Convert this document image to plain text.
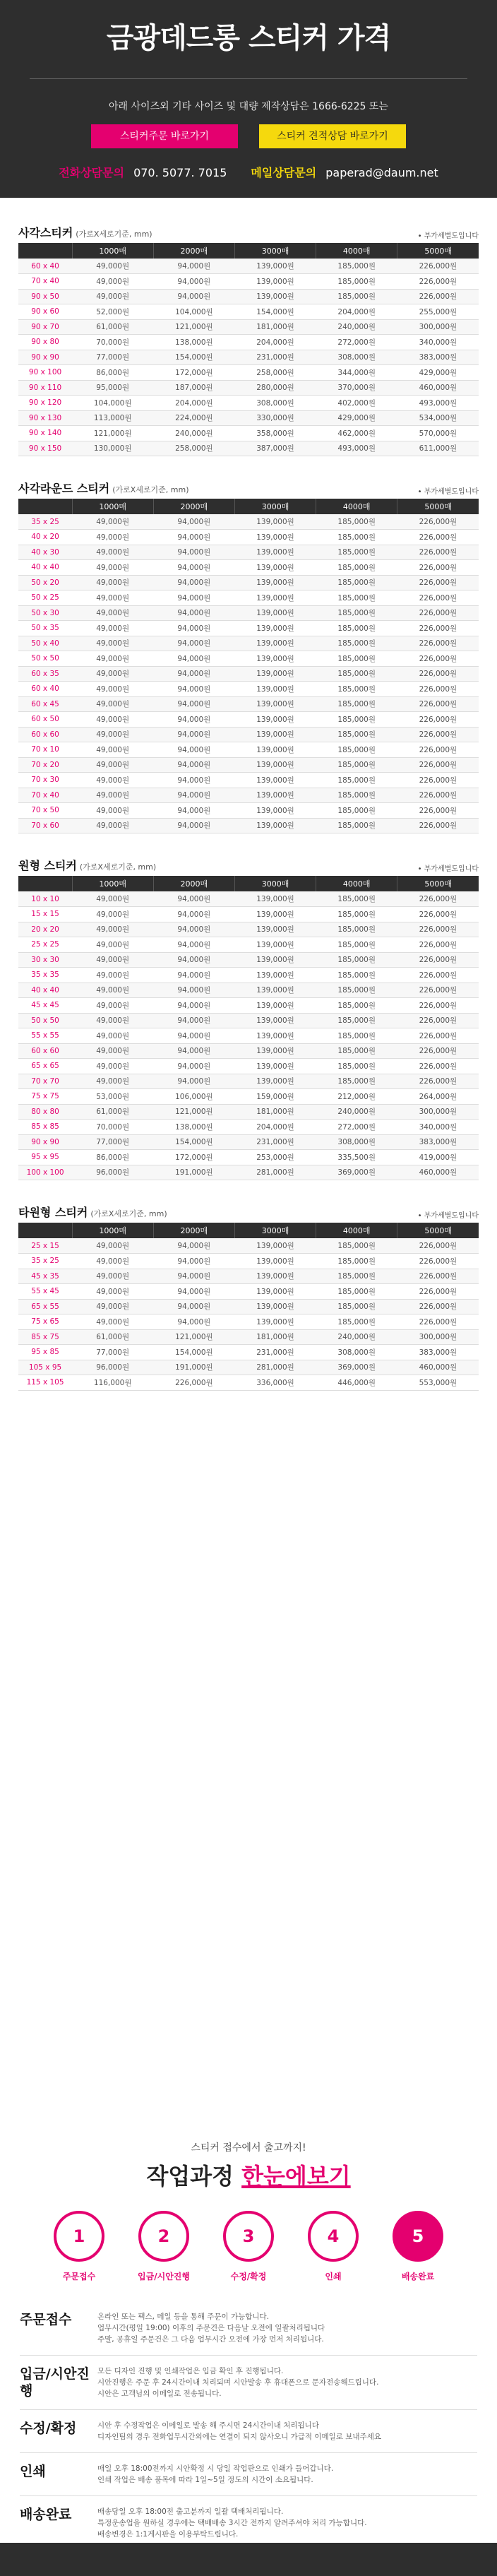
금광데드롱 스티커 가격
아래 사이즈외 기타 사이즈 및 대량 제작상담은 1666-6225 또는
스티커주문 바로가기	스티커 견적상담 바로가기
전화상담문의 070. 5077. 7015 메일상담문의 paperad@daum.net
사각스티커 (가로X세로기준, mm)	• 부가세별도입니다
	1000매	2000매	3000매	4000매	5000매
60 x 40	49,000원	94,000원	139,000원	185,000원	226,000원
70 x 40	49,000원	94,000원	139,000원	185,000원	226,000원
90 x 50	49,000원	94,000원	139,000원	185,000원	226,000원
90 x 60	52,000원	104,000원	154,000원	204,000원	255,000원
90 x 70	61,000원	121,000원	181,000원	240,000원	300,000원
90 x 80	70,000원	138,000원	204,000원	272,000원	340,000원
90 x 90	77,000원	154,000원	231,000원	308,000원	383,000원
90 x 100	86,000원	172,000원	258,000원	344,000원	429,000원
90 x 110	95,000원	187,000원	280,000원	370,000원	460,000원
90 x 120	104,000원	204,000원	308,000원	402,000원	493,000원
90 x 130	113,000원	224,000원	330,000원	429,000원	534,000원
90 x 140	121,000원	240,000원	358,000원	462,000원	570,000원
90 x 150	130,000원	258,000원	387,000원	493,000원	611,000원
사각라운드 스티커 (가로X세로기준, mm)	• 부가세별도입니다
	1000매	2000매	3000매	4000매	5000매
35 x 25	49,000원	94,000원	139,000원	185,000원	226,000원
40 x 20	49,000원	94,000원	139,000원	185,000원	226,000원
40 x 30	49,000원	94,000원	139,000원	185,000원	226,000원
40 x 40	49,000원	94,000원	139,000원	185,000원	226,000원
50 x 20	49,000원	94,000원	139,000원	185,000원	226,000원
50 x 25	49,000원	94,000원	139,000원	185,000원	226,000원
50 x 30	49,000원	94,000원	139,000원	185,000원	226,000원
50 x 35	49,000원	94,000원	139,000원	185,000원	226,000원
50 x 40	49,000원	94,000원	139,000원	185,000원	226,000원
50 x 50	49,000원	94,000원	139,000원	185,000원	226,000원
60 x 35	49,000원	94,000원	139,000원	185,000원	226,000원
60 x 40	49,000원	94,000원	139,000원	185,000원	226,000원
60 x 45	49,000원	94,000원	139,000원	185,000원	226,000원
60 x 50	49,000원	94,000원	139,000원	185,000원	226,000원
60 x 60	49,000원	94,000원	139,000원	185,000원	226,000원
70 x 10	49,000원	94,000원	139,000원	185,000원	226,000원
70 x 20	49,000원	94,000원	139,000원	185,000원	226,000원
70 x 30	49,000원	94,000원	139,000원	185,000원	226,000원
70 x 40	49,000원	94,000원	139,000원	185,000원	226,000원
70 x 50	49,000원	94,000원	139,000원	185,000원	226,000원
70 x 60	49,000원	94,000원	139,000원	185,000원	226,000원
원형 스티커 (가로X세로기준, mm)	• 부가세별도입니다
	1000매	2000매	3000매	4000매	5000매
10 x 10	49,000원	94,000원	139,000원	185,000원	226,000원
15 x 15	49,000원	94,000원	139,000원	185,000원	226,000원
20 x 20	49,000원	94,000원	139,000원	185,000원	226,000원
25 x 25	49,000원	94,000원	139,000원	185,000원	226,000원
30 x 30	49,000원	94,000원	139,000원	185,000원	226,000원
35 x 35	49,000원	94,000원	139,000원	185,000원	226,000원
40 x 40	49,000원	94,000원	139,000원	185,000원	226,000원
45 x 45	49,000원	94,000원	139,000원	185,000원	226,000원
50 x 50	49,000원	94,000원	139,000원	185,000원	226,000원
55 x 55	49,000원	94,000원	139,000원	185,000원	226,000원
60 x 60	49,000원	94,000원	139,000원	185,000원	226,000원
65 x 65	49,000원	94,000원	139,000원	185,000원	226,000원
70 x 70	49,000원	94,000원	139,000원	185,000원	226,000원
75 x 75	53,000원	106,000원	159,000원	212,000원	264,000원
80 x 80	61,000원	121,000원	181,000원	240,000원	300,000원
85 x 85	70,000원	138,000원	204,000원	272,000원	340,000원
90 x 90	77,000원	154,000원	231,000원	308,000원	383,000원
95 x 95	86,000원	172,000원	253,000원	335,500원	419,000원
100 x 100	96,000원	191,000원	281,000원	369,000원	460,000원
타원형 스티커 (가로X세로기준, mm)	• 부가세별도입니다
	1000매	2000매	3000매	4000매	5000매
25 x 15	49,000원	94,000원	139,000원	185,000원	226,000원
35 x 25	49,000원	94,000원	139,000원	185,000원	226,000원
45 x 35	49,000원	94,000원	139,000원	185,000원	226,000원
55 x 45	49,000원	94,000원	139,000원	185,000원	226,000원
65 x 55	49,000원	94,000원	139,000원	185,000원	226,000원
75 x 65	49,000원	94,000원	139,000원	185,000원	226,000원
85 x 75	61,000원	121,000원	181,000원	240,000원	300,000원
95 x 85	77,000원	154,000원	231,000원	308,000원	383,000원
105 x 95	96,000원	191,000원	281,000원	369,000원	460,000원
115 x 105	116,000원	226,000원	336,000원	446,000원	553,000원
스티커 접수에서 출고까지!
작업과정 한눈에보기
1
주문접수
2
입금/시안진행
3
수정/확정
4
인쇄
5
배송완료
주문접수	온라인 또는 팩스, 메일 등을 통해 주문이 가능합니다.
업무시간(평일 19:00) 이후의 주문건은 다음날 오전에 일괄처리됩니다
주말, 공휴일 주문건은 그 다음 업무시간 오전에 가장 먼저 처리됩니다.
입금/시안진행
모든 디자인 진행 및 인쇄작업은 입금 확인 후 진행됩니다.
시안진행은 주문 후 24시간이내 처리되며 시안발송 후 휴대폰으로 문자전송해드립니다.
시안은 고객님의 이메일로 전송됩니다.
수정/확정	시안 후 수정작업은 이메일로 발송 해 주시면 24시간이내 처리됩니다
디자인팀의 경우 전화업무시간외에는 연결이 되지 않사오니 가급적 이메일로 보내주세요
인쇄	매일 오후 18:00전까지 시안확정 시 당일 작업판으로 인쇄가 들어갑니다.
인쇄 작업은 배송 품목에 따라 1일~5일 정도의 시간이 소요됩니다.
배송완료	배송당일 오후 18:00전 출고분까지 일괄 택배처리됩니다.
특정운송업을 원하실 경우에는 택배배송 3시간 전까지 알려주셔야 처리 가능합니다.
배송변경은 1:1게시판을 이용부탁드립니다.
